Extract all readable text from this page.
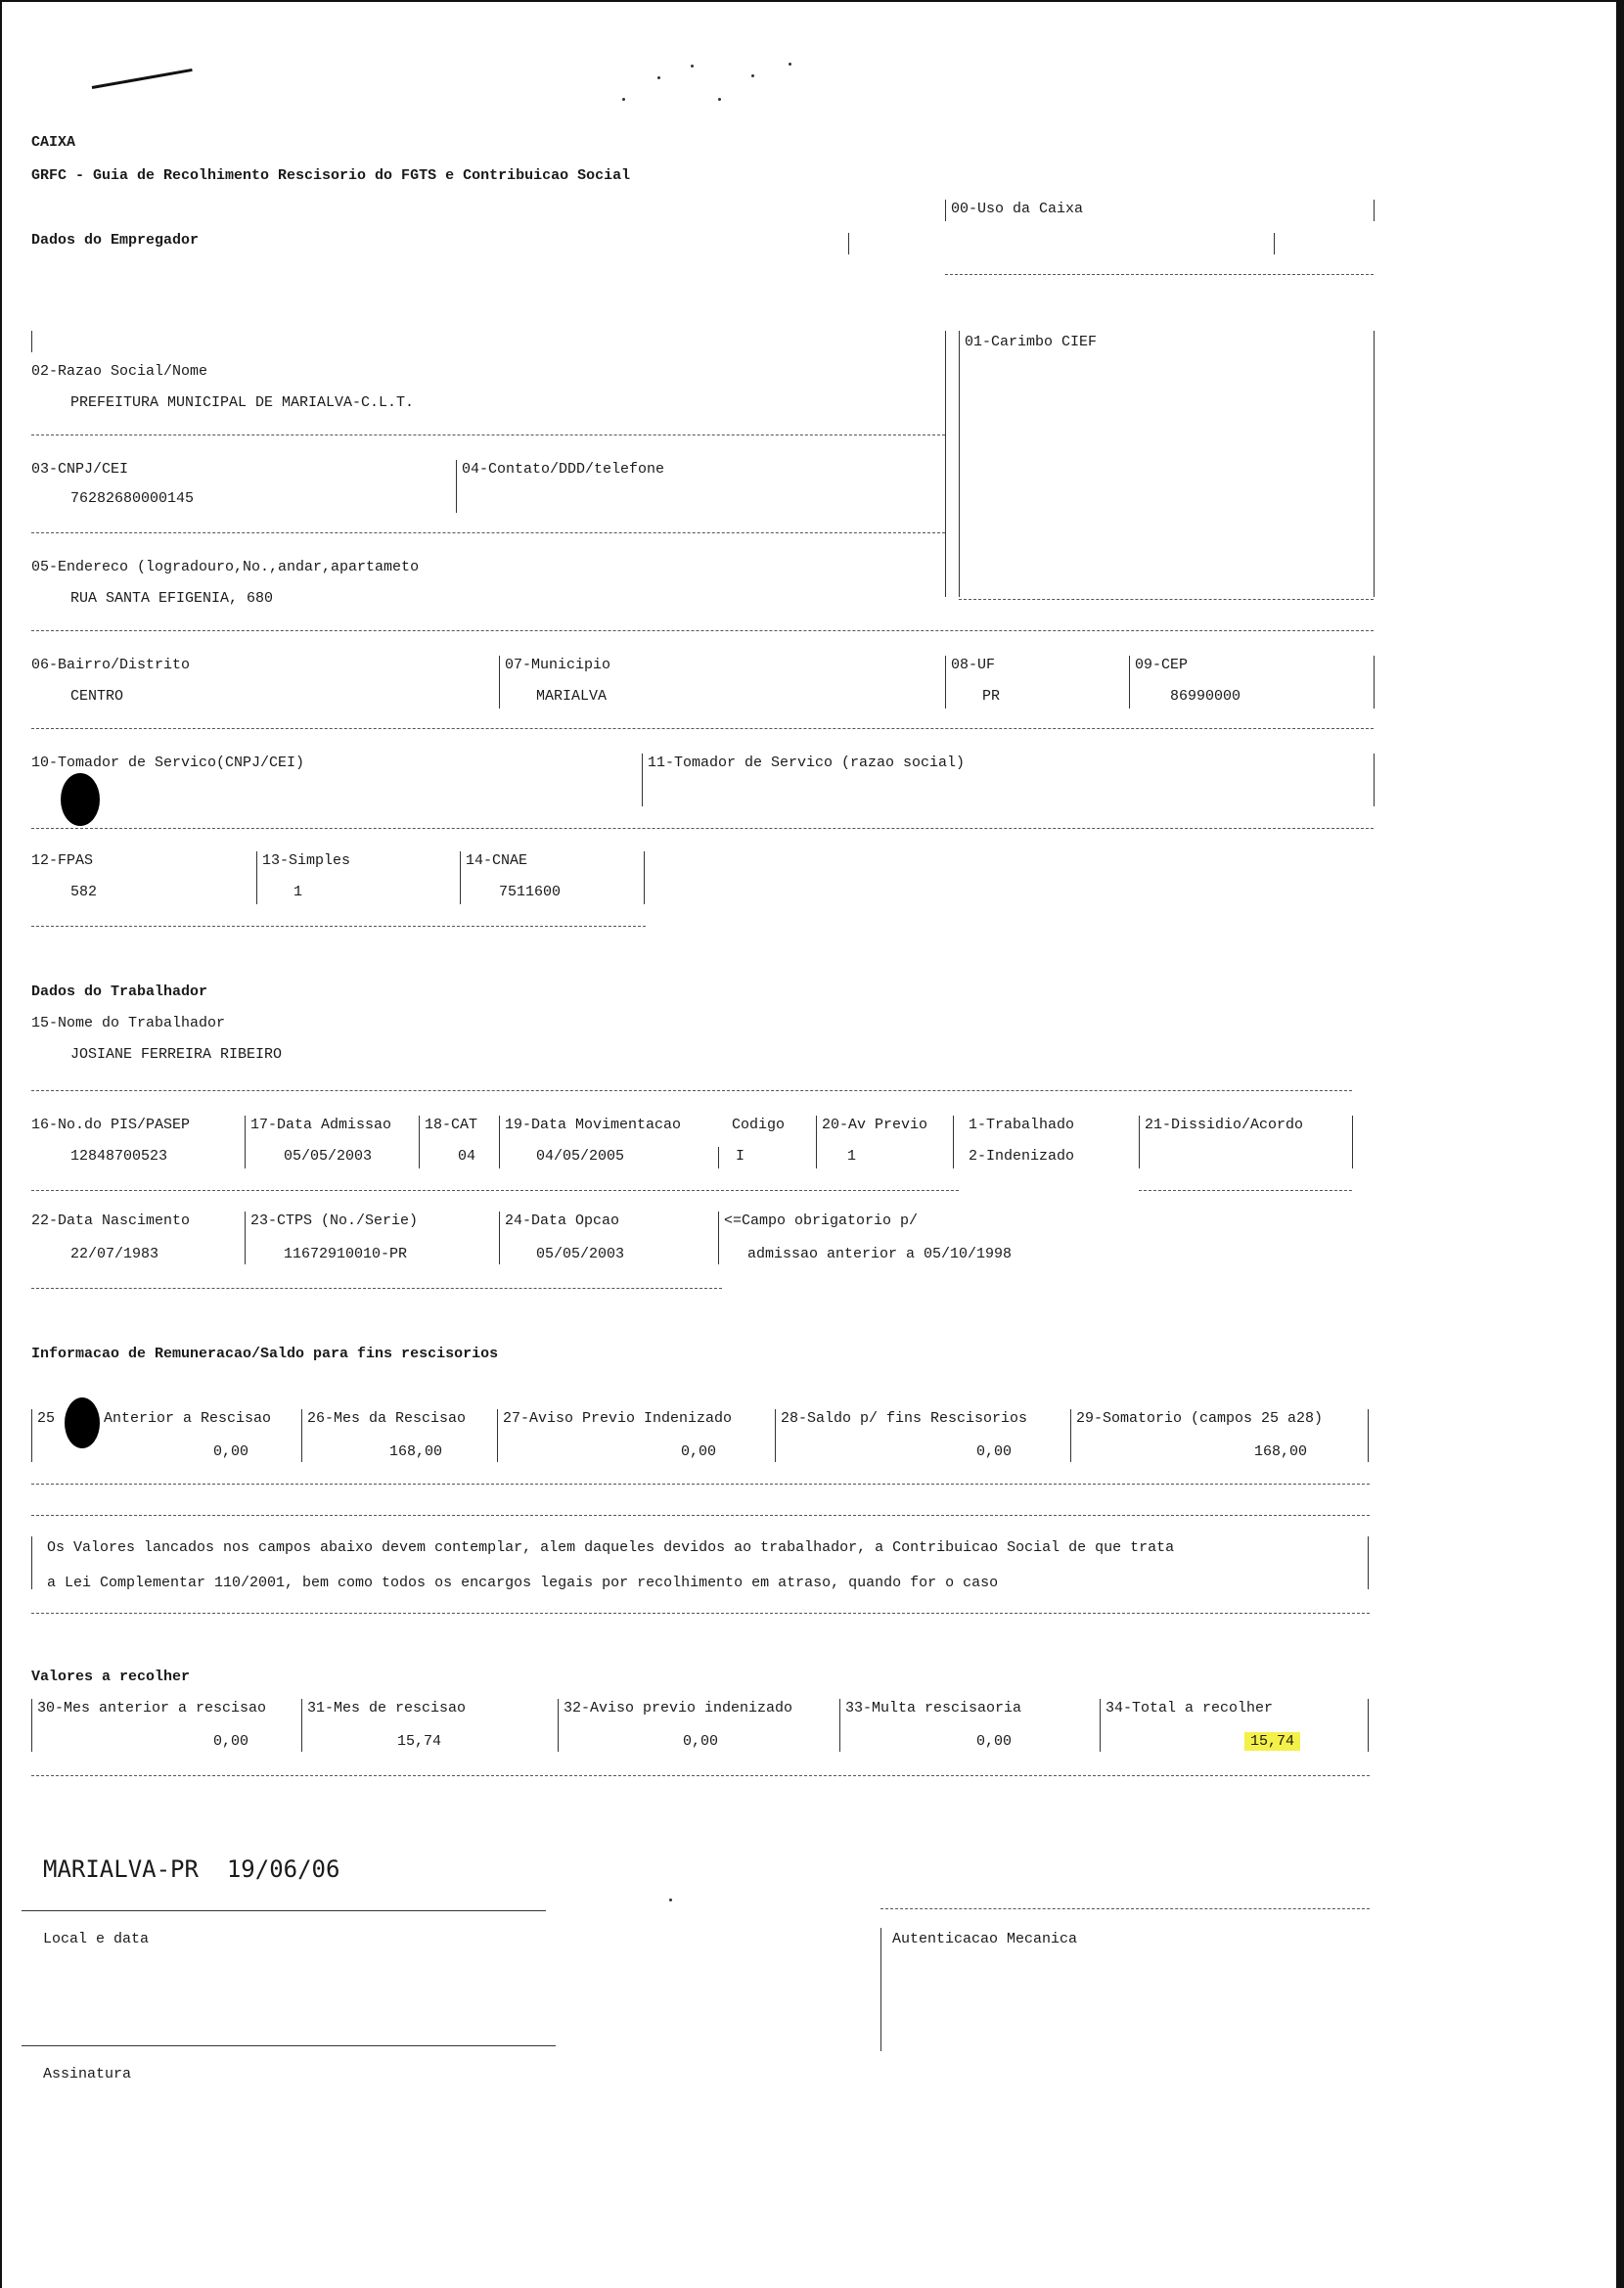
CAIXA
GRFC - Guia de Recolhimento Rescisorio do FGTS e Contribuicao Social
Dados do Empregador
00-Uso da Caixa
01-Carimbo CIEF
02-Razao Social/Nome
PREFEITURA MUNICIPAL DE MARIALVA-C.L.T.
03-CNPJ/CEI
76282680000145
04-Contato/DDD/telefone
05-Endereco (logradouro,No.,andar,apartameto
RUA SANTA EFIGENIA, 680
06-Bairro/Distrito
CENTRO
07-Municipio
MARIALVA
08-UF
PR
09-CEP
86990000
10-Tomador de Servico(CNPJ/CEI)	11-Tomador de Servico (razao social)
12-FPAS
582
13-Simples
1
14-CNAE
7511600
Dados do Trabalhador
15-Nome do Trabalhador
JOSIANE FERREIRA RIBEIRO
16-No.do PIS/PASEP
12848700523
17-Data Admissao
05/05/2003
18-CAT
04
19-Data Movimentacao
04/05/2005
Codigo
I
20-Av Previo
1
1-Trabalhado
2-Indenizado
21-Dissidio/Acordo
22-Data Nascimento
22/07/1983
23-CTPS (No./Serie)
11672910010-PR
24-Data Opcao
05/05/2003
<=Campo obrigatorio p/
admissao anterior a 05/10/1998
Informacao de Remuneracao/Saldo para fins rescisorios
25	Anterior a Rescisao
0,00
26-Mes da Rescisao
168,00
27-Aviso Previo Indenizado
0,00
28-Saldo p/ fins Rescisorios
0,00
29-Somatorio (campos 25 a28)
168,00
Os Valores lancados nos campos abaixo devem contemplar, alem daqueles devidos ao trabalhador, a Contribuicao Social de que trata
a Lei Complementar 110/2001, bem como todos os encargos legais por recolhimento em atraso, quando for o caso
Valores a recolher
30-Mes anterior a rescisao
0,00
31-Mes de rescisao
15,74
32-Aviso previo indenizado
0,00
33-Multa rescisaoria
0,00
34-Total a recolher
15,74
MARIALVA-PR  19/06/06
Local e data
Assinatura
Autenticacao Mecanica
